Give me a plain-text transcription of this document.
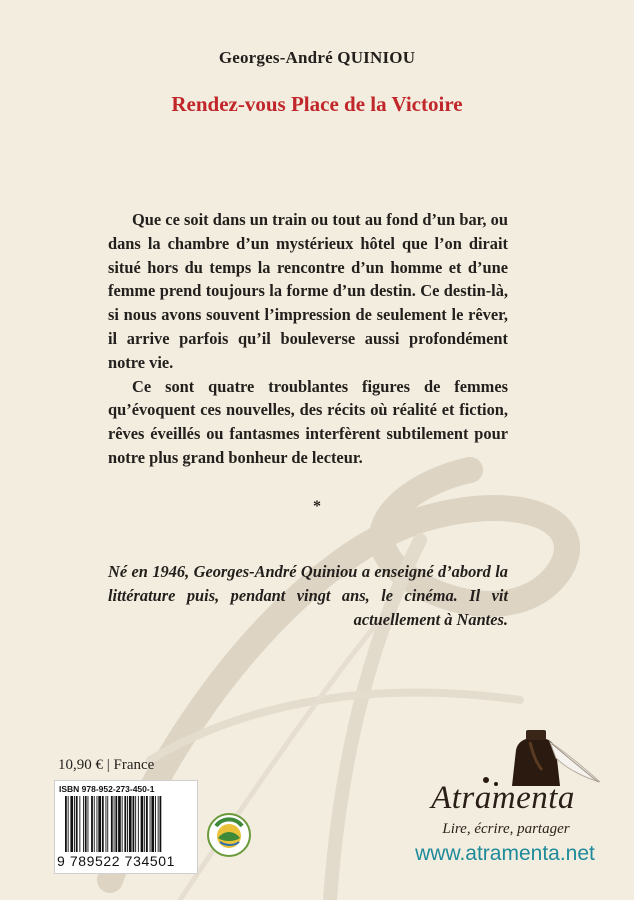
Georges-André QUINIOU
Rendez-vous Place de la Victoire

Que ce soit dans un train ou tout au fond d’un bar, ou dans la chambre d’un mystérieux hôtel que l’on dirait situé hors du temps la rencontre d’un homme et d’une femme prend toujours la forme d’un destin. Ce destin-là, si nous avons souvent l’impression de seulement le rêver, il arrive parfois qu’il bouleverse aussi profondément notre vie.

Ce sont quatre troublantes figures de femmes qu’évoquent ces nouvelles, des récits où réalité et fiction, rêves éveillés ou fantasmes interfèrent subtilement pour notre plus grand bonheur de lecteur.

*
Né en 1946, Georges-André Quiniou a enseigné d’abord la littérature puis, pendant vingt ans, le cinéma. Il vit actuellement à Nantes.
10,90 € | France
ISBN 978-952-273-450-1
9 789522 734501
Atramenta
Lire, écrire, partager
www.atramenta.net
